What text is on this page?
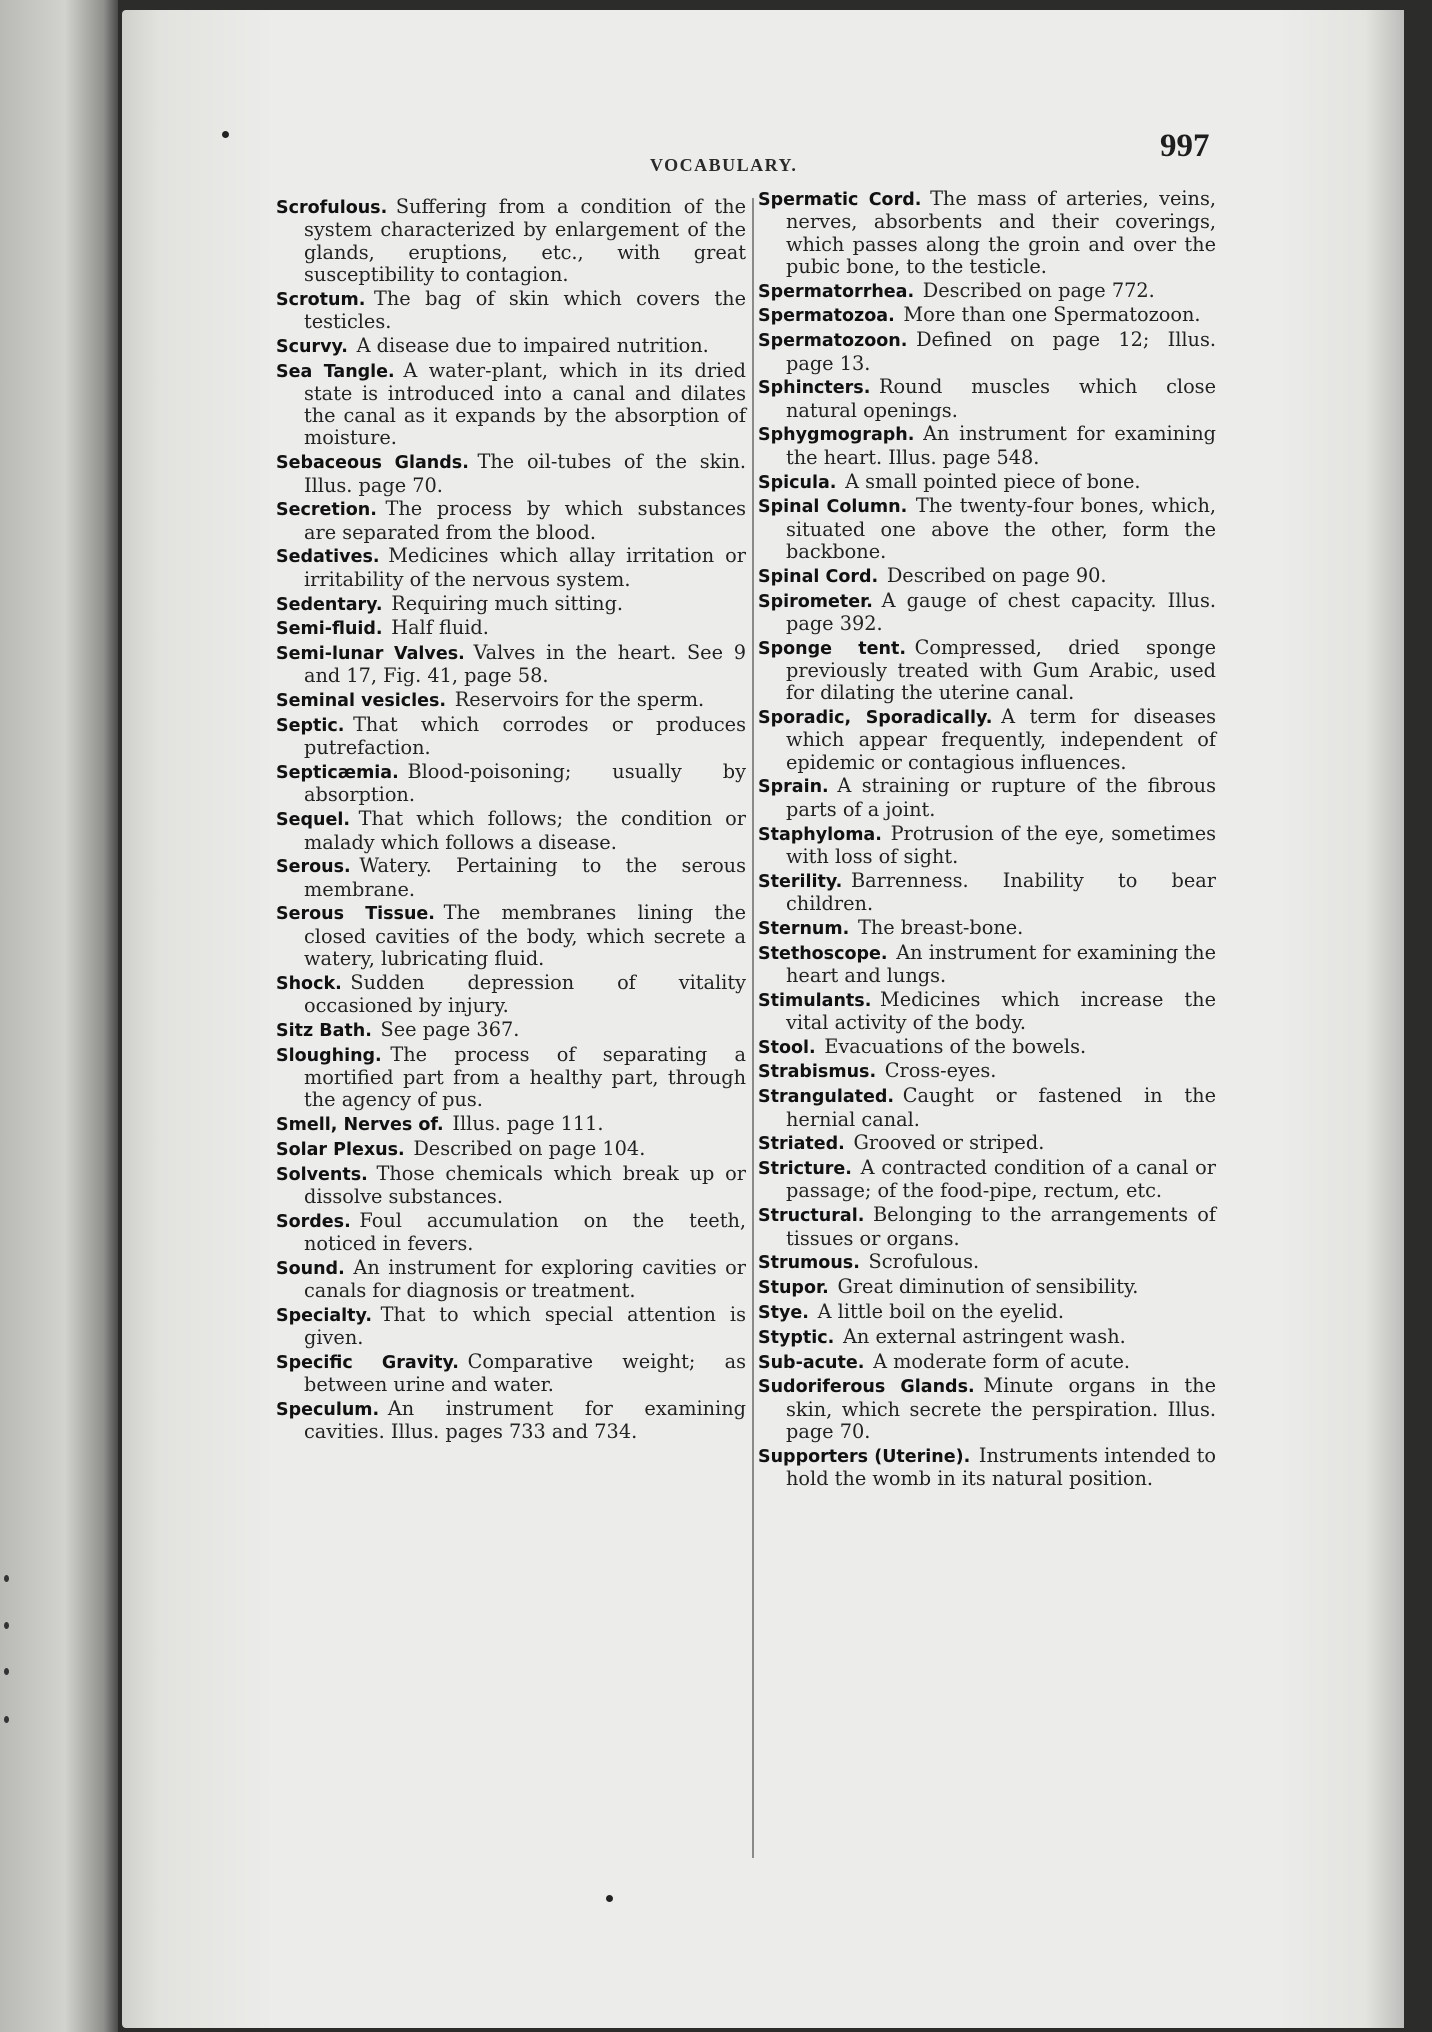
VOCABULARY.
997

Scrofulous. Suffering from a condition of the system characterized by enlargement of the glands, eruptions, etc., with great susceptibility to contagion.

Scrotum. The bag of skin which covers the testicles.

Scurvy. A disease due to impaired nutrition.

Sea Tangle. A water-plant, which in its dried state is introduced into a canal and dilates the canal as it expands by the absorption of moisture.

Sebaceous Glands. The oil-tubes of the skin. Illus. page 70.

Secretion. The process by which substances are separated from the blood.

Sedatives. Medicines which allay irritation or irritability of the nervous system.

Sedentary. Requiring much sitting.

Semi-fluid. Half fluid.

Semi-lunar Valves. Valves in the heart. See 9 and 17, Fig. 41, page 58.

Seminal vesicles. Reservoirs for the sperm.

Septic. That which corrodes or produces putrefaction.

Septicæmia. Blood-poisoning; usually by absorption.

Sequel. That which follows; the condition or malady which follows a disease.

Serous. Watery. Pertaining to the serous membrane.

Serous Tissue. The membranes lining the closed cavities of the body, which secrete a watery, lubricating fluid.

Shock. Sudden depression of vitality occasioned by injury.

Sitz Bath. See page 367.

Sloughing. The process of separating a mortified part from a healthy part, through the agency of pus.

Smell, Nerves of. Illus. page 111.

Solar Plexus. Described on page 104.

Solvents. Those chemicals which break up or dissolve substances.

Sordes. Foul accumulation on the teeth, noticed in fevers.

Sound. An instrument for exploring cavities or canals for diagnosis or treatment.

Specialty. That to which special attention is given.

Specific Gravity. Comparative weight; as between urine and water.

Speculum. An instrument for examining cavities. Illus. pages 733 and 734.

Spermatic Cord. The mass of arteries, veins, nerves, absorbents and their coverings, which passes along the groin and over the pubic bone, to the testicle.

Spermatorrhea. Described on page 772.

Spermatozoa. More than one Spermatozoon.

Spermatozoon. Defined on page 12; Illus. page 13.

Sphincters. Round muscles which close natural openings.

Sphygmograph. An instrument for examining the heart. Illus. page 548.

Spicula. A small pointed piece of bone.

Spinal Column. The twenty-four bones, which, situated one above the other, form the backbone.

Spinal Cord. Described on page 90.

Spirometer. A gauge of chest capacity. Illus. page 392.

Sponge tent. Compressed, dried sponge previously treated with Gum Arabic, used for dilating the uterine canal.

Sporadic, Sporadically. A term for diseases which appear frequently, independent of epidemic or contagious influences.

Sprain. A straining or rupture of the fibrous parts of a joint.

Staphyloma. Protrusion of the eye, sometimes with loss of sight.

Sterility. Barrenness. Inability to bear children.

Sternum. The breast-bone.

Stethoscope. An instrument for examining the heart and lungs.

Stimulants. Medicines which increase the vital activity of the body.

Stool. Evacuations of the bowels.

Strabismus. Cross-eyes.

Strangulated. Caught or fastened in the hernial canal.

Striated. Grooved or striped.

Stricture. A contracted condition of a canal or passage; of the food-pipe, rectum, etc.

Structural. Belonging to the arrangements of tissues or organs.

Strumous. Scrofulous.

Stupor. Great diminution of sensibility.

Stye. A little boil on the eyelid.

Styptic. An external astringent wash.

Sub-acute. A moderate form of acute.

Sudoriferous Glands. Minute organs in the skin, which secrete the perspiration. Illus. page 70.

Supporters (Uterine). Instruments intended to hold the womb in its natural position.
